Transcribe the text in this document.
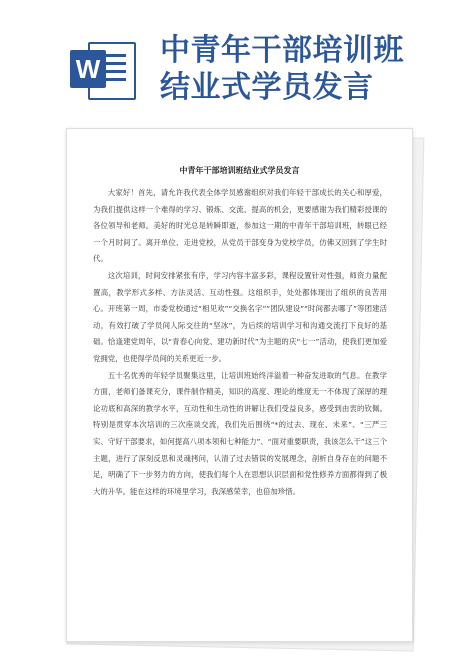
W
中青年干部培训班
结业式学员发言
中青年干部培训班结业式学员发言

大家好！首先，请允许我代表全体学员感谢组织对我们年轻干部成长的关心和厚爱，为我们提供这样一个难得的学习、锻炼、交流、提高的机会，更要感谢为我们精彩授课的各位领导和老师。美好的时光总是转瞬即逝，参加这一期的中青年干部培训班，转眼已经一个月时间了。离开单位、走进党校，从党员干部变身为党校学员，仿佛又回到了学生时代。

这次培训，时间安排紧张有序，学习内容丰富多彩，课程设置针对性强，师资力量配置高，教学形式多样、方法灵活、互动性强。这组织手，处处都体现出了组织的良苦用心。开班第一周，市委党校通过“相见欢”“交换名字”“团队建设”“时间都去哪了”等团建活动，有效打破了学员间人际交往的“坚冰”，为后续的培训学习和沟通交流打下良好的基础。恰逢建党周年，以“青春心向党、建功新时代”为主题的庆“七一”活动，使我们更加爱党拥党，也使得学员间的关系更近一步。

五十名优秀的年轻学员聚集这里，让培训班始终洋溢着一种奋发进取的气息。在教学方面，老师们备课充分，课件制作精美，知识的高度、理论的维度无一不体现了深厚的理论功底和高深的教学水平，互动性和生动性的讲解让我们受益良多，感受到由衷的钦佩。特别是贯穿本次培训的三次座谈交流，我们先后围绕“*的过去、现在、未来”、“三严三实、守好干部要求，如何提高八项本领和七种能力”、“面对重要职责，我该怎么干”这三个主题，进行了深刻反思和灵魂拷问，认清了过去错误的发展理念，剖析自身存在的问题不足，明确了下一步努力的方向，使我们每个人在思想认识层面和党性修养方面都得到了极大的升华。能在这样的环境里学习，我深感荣幸，也倍加珍惜。
